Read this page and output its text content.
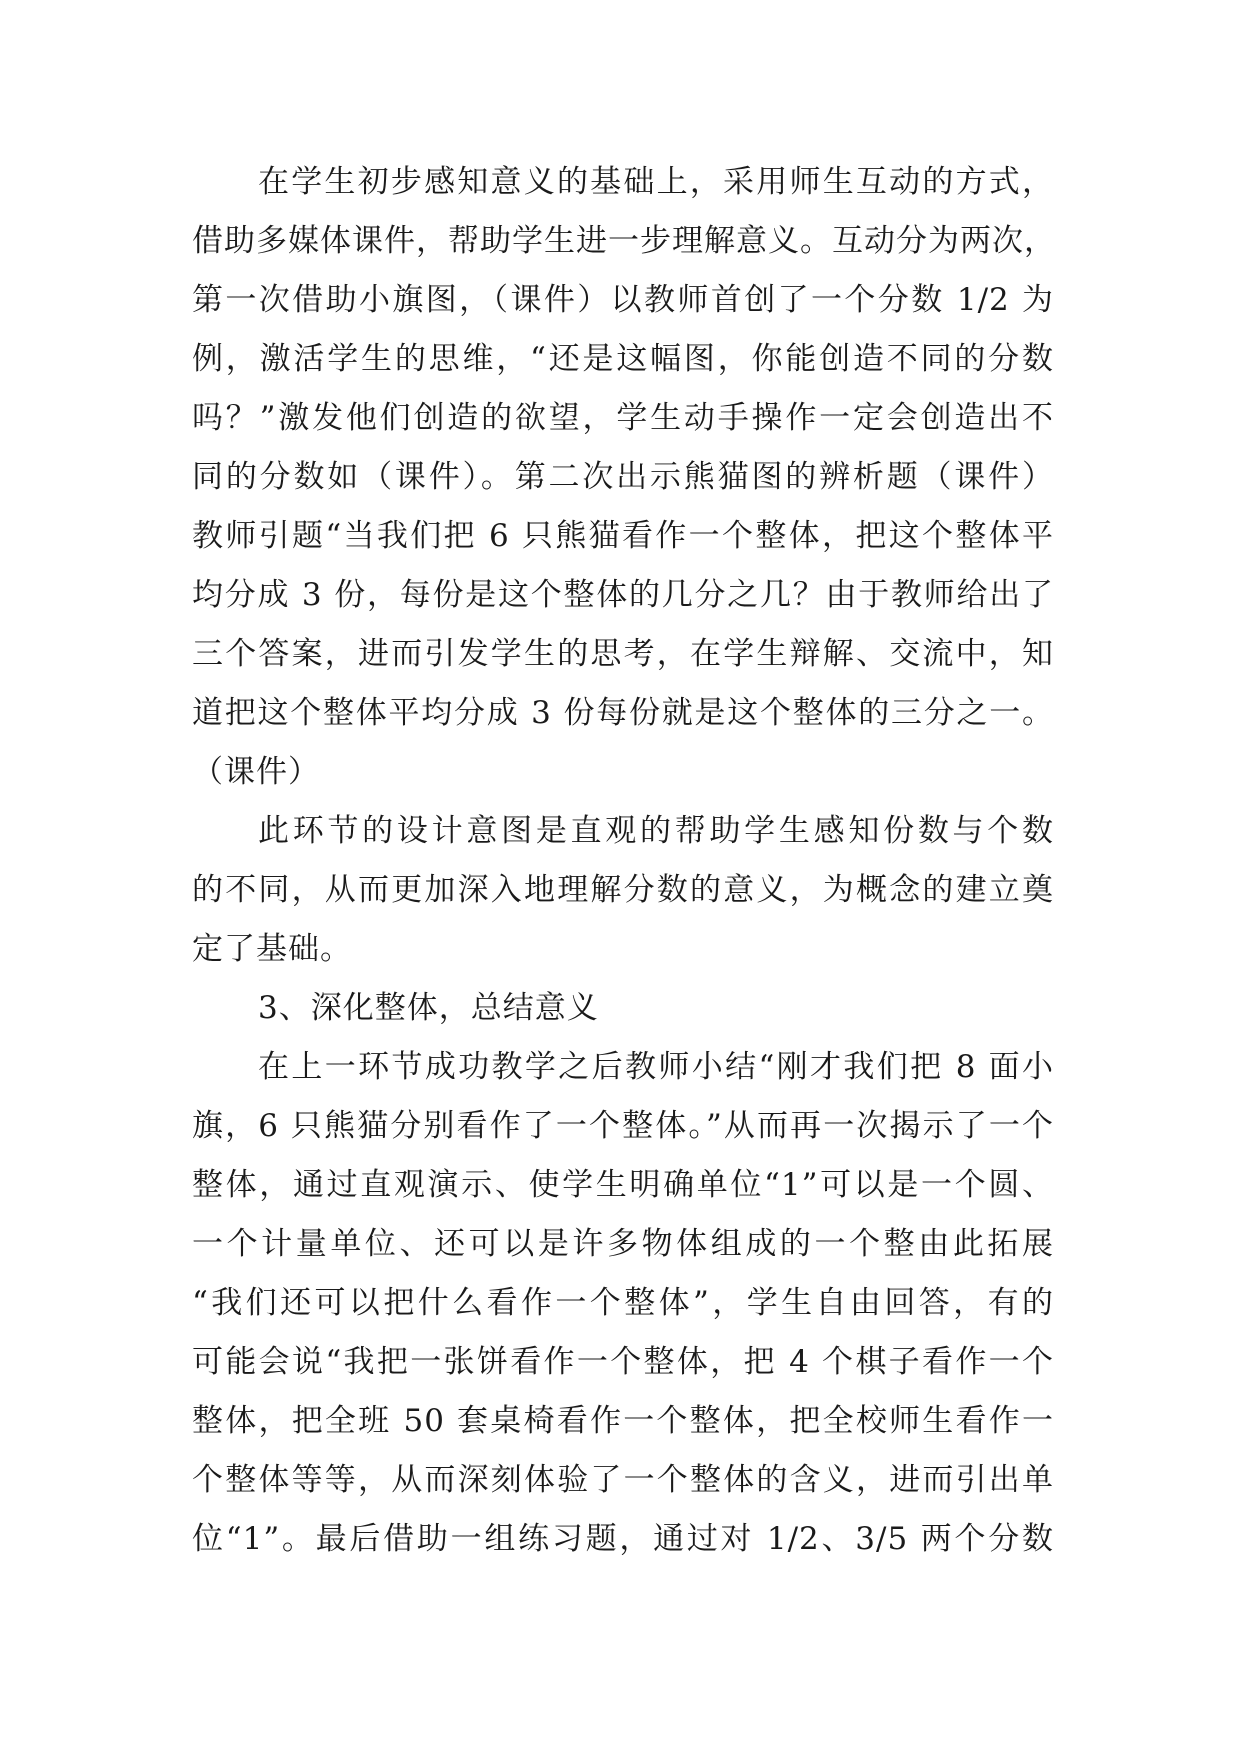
在学生初步感知意义的基础上，采用师生互动的方式，
借助多媒体课件，帮助学生进一步理解意义。互动分为两次，
第一次借助小旗图，（课件）以教师首创了一个分数 1/2 为
例，激活学生的思维，“还是这幅图，你能创造不同的分数
吗？”激发他们创造的欲望，学生动手操作一定会创造出不
同的分数如（课件）。第二次出示熊猫图的辨析题（课件）
教师引题“当我们把 6 只熊猫看作一个整体，把这个整体平
均分成 3 份，每份是这个整体的几分之几？由于教师给出了
三个答案，进而引发学生的思考，在学生辩解、交流中，知
道把这个整体平均分成 3 份每份就是这个整体的三分之一。
（课件）
此环节的设计意图是直观的帮助学生感知份数与个数
的不同，从而更加深入地理解分数的意义，为概念的建立奠
定了基础。
3、深化整体，总结意义
在上一环节成功教学之后教师小结“刚才我们把 8 面小
旗，6 只熊猫分别看作了一个整体。”从而再一次揭示了一个
整体，通过直观演示、使学生明确单位“1”可以是一个圆、
一个计量单位、还可以是许多物体组成的一个整由此拓展
“我们还可以把什么看作一个整体”，学生自由回答，有的
可能会说“我把一张饼看作一个整体，把 4 个棋子看作一个
整体，把全班 50 套桌椅看作一个整体，把全校师生看作一
个整体等等，从而深刻体验了一个整体的含义，进而引出单
位“1”。最后借助一组练习题，通过对 1/2、3/5 两个分数
